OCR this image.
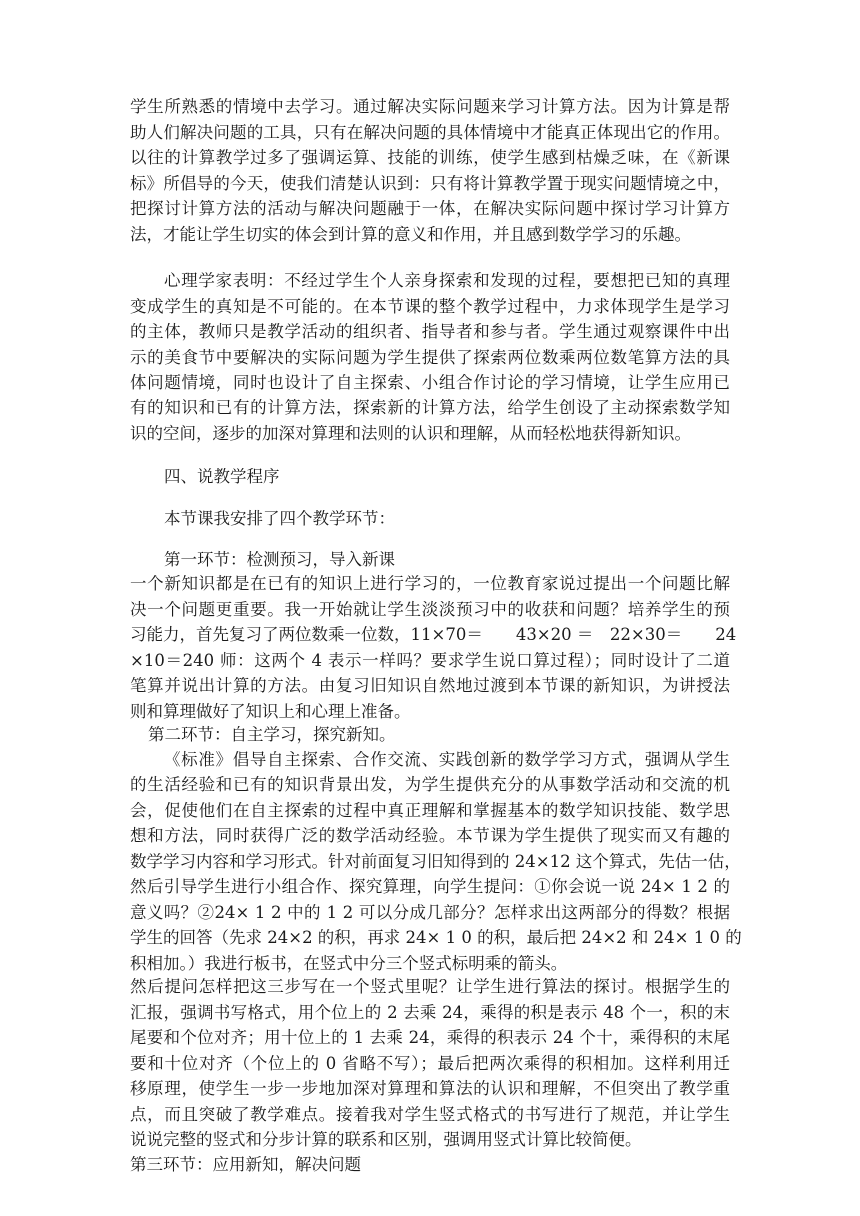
学生所熟悉的情境中去学习。通过解决实际问题来学习计算方法。因为计算是帮
助人们解决问题的工具，只有在解决问题的具体情境中才能真正体现出它的作用。
以往的计算教学过多了强调运算、技能的训练，使学生感到枯燥乏味，在《新课
标》所倡导的今天，使我们清楚认识到：只有将计算教学置于现实问题情境之中，
把探讨计算方法的活动与解决问题融于一体，在解决实际问题中探讨学习计算方
法，才能让学生切实的体会到计算的意义和作用，并且感到数学学习的乐趣。
心理学家表明：不经过学生个人亲身探索和发现的过程，要想把已知的真理
变成学生的真知是不可能的。在本节课的整个教学过程中，力求体现学生是学习
的主体，教师只是教学活动的组织者、指导者和参与者。学生通过观察课件中出
示的美食节中要解决的实际问题为学生提供了探索两位数乘两位数笔算方法的具
体问题情境，同时也设计了自主探索、小组合作讨论的学习情境，让学生应用已
有的知识和已有的计算方法，探索新的计算方法，给学生创设了主动探索数学知
识的空间，逐步的加深对算理和法则的认识和理解，从而轻松地获得新知识。
四、说教学程序
本节课我安排了四个教学环节：
第一环节：检测预习，导入新课
一个新知识都是在已有的知识上进行学习的，一位教育家说过提出一个问题比解
决一个问题更重要。我一开始就让学生淡淡预习中的收获和问题？培养学生的预
习能力，首先复习了两位数乘一位数，11×70＝　　43×20 ＝　22×30＝　　24
×10＝240 师：这两个 4 表示一样吗？要求学生说口算过程）；同时设计了二道
笔算并说出计算的方法。由复习旧知识自然地过渡到本节课的新知识，为讲授法
则和算理做好了知识上和心理上准备。
第二环节：自主学习，探究新知。
《标准》倡导自主探索、合作交流、实践创新的数学学习方式，强调从学生
的生活经验和已有的知识背景出发，为学生提供充分的从事数学活动和交流的机
会，促使他们在自主探索的过程中真正理解和掌握基本的数学知识技能、数学思
想和方法，同时获得广泛的数学活动经验。本节课为学生提供了现实而又有趣的
数学学习内容和学习形式。针对前面复习旧知得到的 24×12 这个算式，先估一估，
然后引导学生进行小组合作、探究算理，向学生提问：①你会说一说 24× 1 2 的
意义吗？②24× 1 2 中的 1 2 可以分成几部分？怎样求出这两部分的得数？根据
学生的回答（先求 24×2 的积，再求 24× 1 0 的积，最后把 24×2 和 24× 1 0 的
积相加。）我进行板书，在竖式中分三个竖式标明乘的箭头。
然后提问怎样把这三步写在一个竖式里呢？让学生进行算法的探讨。根据学生的
汇报，强调书写格式，用个位上的 2 去乘 24，乘得的积是表示 48 个一，积的末
尾要和个位对齐；用十位上的 1 去乘 24，乘得的积表示 24 个十，乘得积的末尾
要和十位对齐（个位上的 0 省略不写）；最后把两次乘得的积相加。这样利用迁
移原理，使学生一步一步地加深对算理和算法的认识和理解，不但突出了教学重
点，而且突破了教学难点。接着我对学生竖式格式的书写进行了规范，并让学生
说说完整的竖式和分步计算的联系和区别，强调用竖式计算比较简便。
第三环节：应用新知，解决问题
